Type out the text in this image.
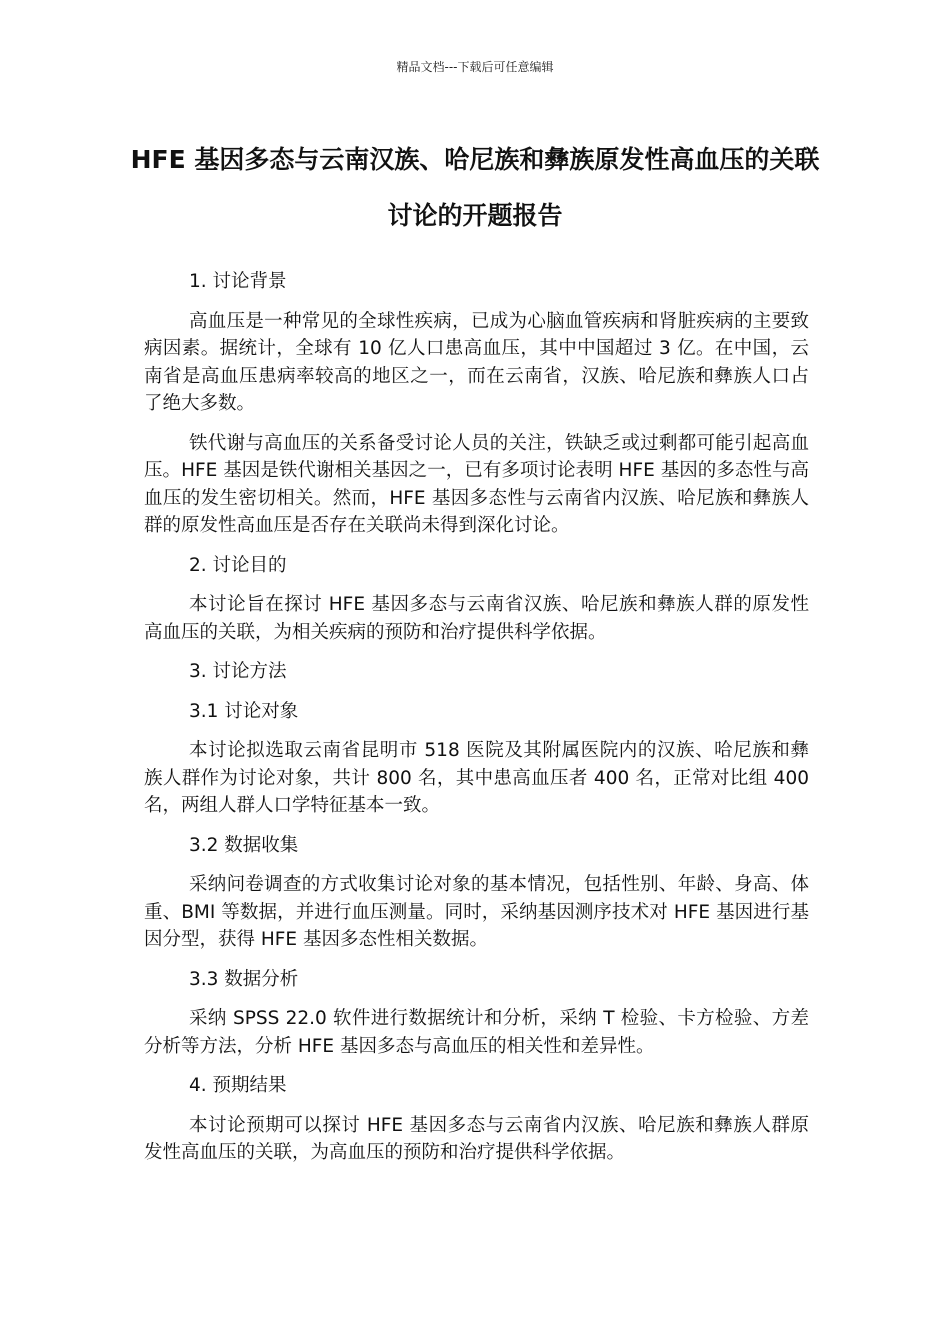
精品文档---下载后可任意编辑
HFE 基因多态与云南汉族、哈尼族和彝族原发性高血压的关联讨论的开题报告

1. 讨论背景

高血压是一种常见的全球性疾病，已成为心脑血管疾病和肾脏疾病的主要致病因素。据统计，全球有 10 亿人口患高血压，其中中国超过 3 亿。在中国，云南省是高血压患病率较高的地区之一，而在云南省，汉族、哈尼族和彝族人口占了绝大多数。

铁代谢与高血压的关系备受讨论人员的关注，铁缺乏或过剩都可能引起高血压。HFE 基因是铁代谢相关基因之一，已有多项讨论表明 HFE 基因的多态性与高血压的发生密切相关。然而，HFE 基因多态性与云南省内汉族、哈尼族和彝族人群的原发性高血压是否存在关联尚未得到深化讨论。

2. 讨论目的

本讨论旨在探讨 HFE 基因多态与云南省汉族、哈尼族和彝族人群的原发性高血压的关联，为相关疾病的预防和治疗提供科学依据。

3. 讨论方法

3.1 讨论对象

本讨论拟选取云南省昆明市 518 医院及其附属医院内的汉族、哈尼族和彝族人群作为讨论对象，共计 800 名，其中患高血压者 400 名，正常对比组 400 名，两组人群人口学特征基本一致。

3.2 数据收集

采纳问卷调查的方式收集讨论对象的基本情况，包括性别、年龄、身高、体重、BMI 等数据，并进行血压测量。同时，采纳基因测序技术对 HFE 基因进行基因分型，获得 HFE 基因多态性相关数据。

3.3 数据分析

采纳 SPSS 22.0 软件进行数据统计和分析，采纳 T 检验、卡方检验、方差分析等方法，分析 HFE 基因多态与高血压的相关性和差异性。

4. 预期结果

本讨论预期可以探讨 HFE 基因多态与云南省内汉族、哈尼族和彝族人群原发性高血压的关联，为高血压的预防和治疗提供科学依据。
